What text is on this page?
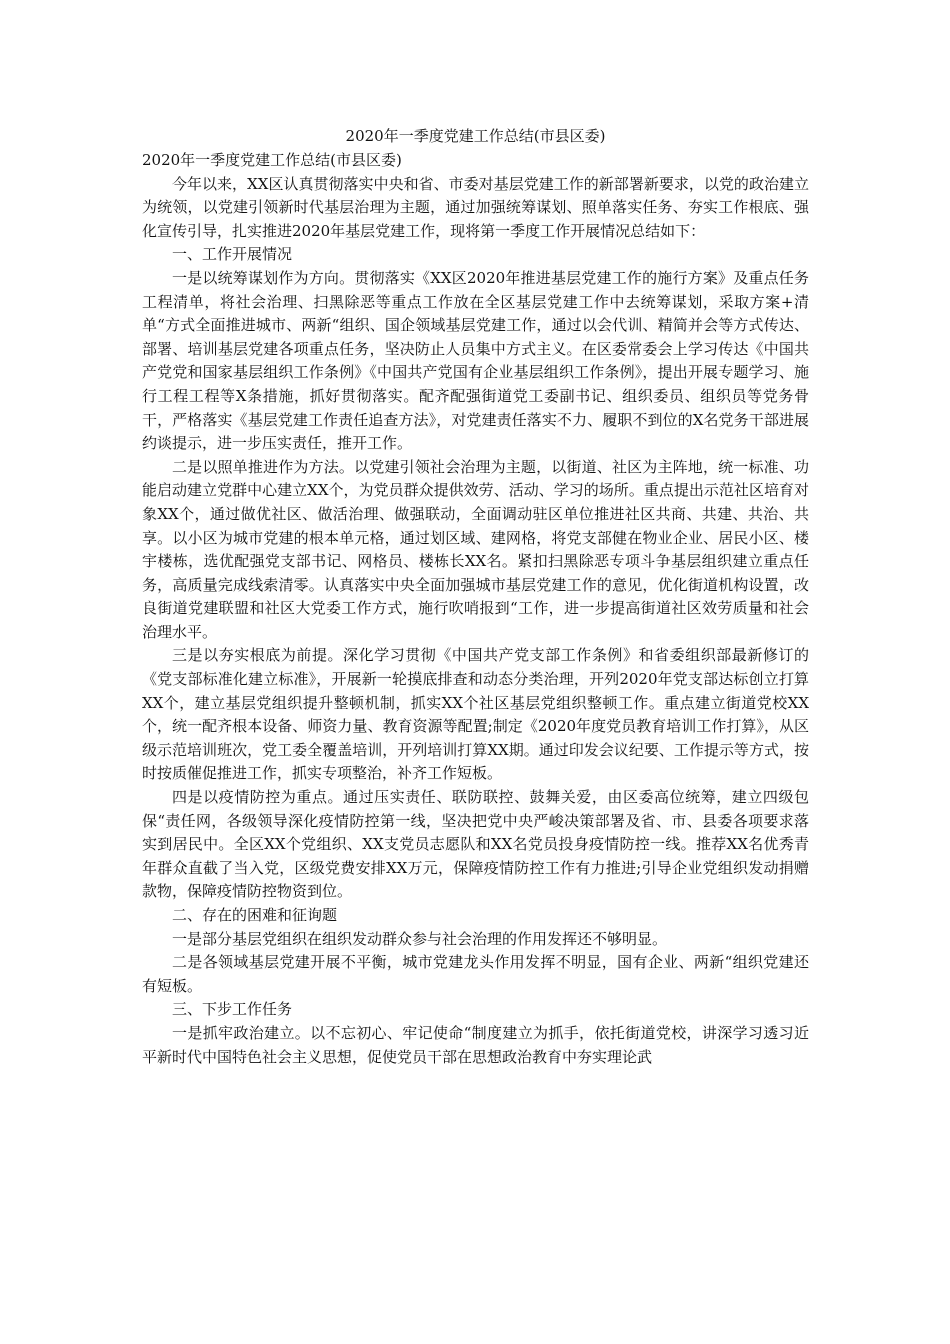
2020年一季度党建工作总结(市县区委)

2020年一季度党建工作总结(市县区委)

今年以来，XX区认真贯彻落实中央和省、市委对基层党建工作的新部署新要求，以党的政治建立为统领，以党建引领新时代基层治理为主题，通过加强统筹谋划、照单落实任务、夯实工作根底、强化宣传引导，扎实推进2020年基层党建工作，现将第一季度工作开展情况总结如下：

一、工作开展情况

一是以统筹谋划作为方向。贯彻落实《XX区2020年推进基层党建工作的施行方案》及重点任务工程清单，将社会治理、扫黑除恶等重点工作放在全区基层党建工作中去统筹谋划，采取方案+清单“方式全面推进城市、两新“组织、国企领域基层党建工作，通过以会代训、精简并会等方式传达、部署、培训基层党建各项重点任务，坚决防止人员集中方式主义。在区委常委会上学习传达《中国共产党党和国家基层组织工作条例》《中国共产党国有企业基层组织工作条例》，提出开展专题学习、施行工程工程等X条措施，抓好贯彻落实。配齐配强街道党工委副书记、组织委员、组织员等党务骨干，严格落实《基层党建工作责任追查方法》，对党建责任落实不力、履职不到位的X名党务干部进展约谈提示，进一步压实责任，推开工作。

二是以照单推进作为方法。以党建引领社会治理为主题，以街道、社区为主阵地，统一标准、功能启动建立党群中心建立XX个，为党员群众提供效劳、活动、学习的场所。重点提出示范社区培育对象XX个，通过做优社区、做活治理、做强联动，全面调动驻区单位推进社区共商、共建、共治、共享。以小区为城市党建的根本单元格，通过划区域、建网格，将党支部健在物业企业、居民小区、楼宇楼栋，选优配强党支部书记、网格员、楼栋长XX名。紧扣扫黑除恶专项斗争基层组织建立重点任务，高质量完成线索清零。认真落实中央全面加强城市基层党建工作的意见，优化街道机构设置，改良街道党建联盟和社区大党委工作方式，施行吹哨报到“工作，进一步提高街道社区效劳质量和社会治理水平。

三是以夯实根底为前提。深化学习贯彻《中国共产党支部工作条例》和省委组织部最新修订的《党支部标准化建立标准》，开展新一轮摸底排查和动态分类治理，开列2020年党支部达标创立打算XX个，建立基层党组织提升整顿机制，抓实XX个社区基层党组织整顿工作。重点建立街道党校XX个，统一配齐根本设备、师资力量、教育资源等配置;制定《2020年度党员教育培训工作打算》，从区级示范培训班次，党工委全覆盖培训，开列培训打算XX期。通过印发会议纪要、工作提示等方式，按时按质催促推进工作，抓实专项整治，补齐工作短板。

四是以疫情防控为重点。通过压实责任、联防联控、鼓舞关爱，由区委高位统筹，建立四级包保“责任网，各级领导深化疫情防控第一线，坚决把党中央严峻决策部署及省、市、县委各项要求落实到居民中。全区XX个党组织、XX支党员志愿队和XX名党员投身疫情防控一线。推荐XX名优秀青年群众直截了当入党，区级党费安排XX万元，保障疫情防控工作有力推进;引导企业党组织发动捐赠款物，保障疫情防控物资到位。

二、存在的困难和征询题

一是部分基层党组织在组织发动群众参与社会治理的作用发挥还不够明显。

二是各领域基层党建开展不平衡，城市党建龙头作用发挥不明显，国有企业、两新“组织党建还有短板。

三、下步工作任务

一是抓牢政治建立。以不忘初心、牢记使命“制度建立为抓手，依托街道党校，讲深学习透习近平新时代中国特色社会主义思想，促使党员干部在思想政治教育中夯实理论武
